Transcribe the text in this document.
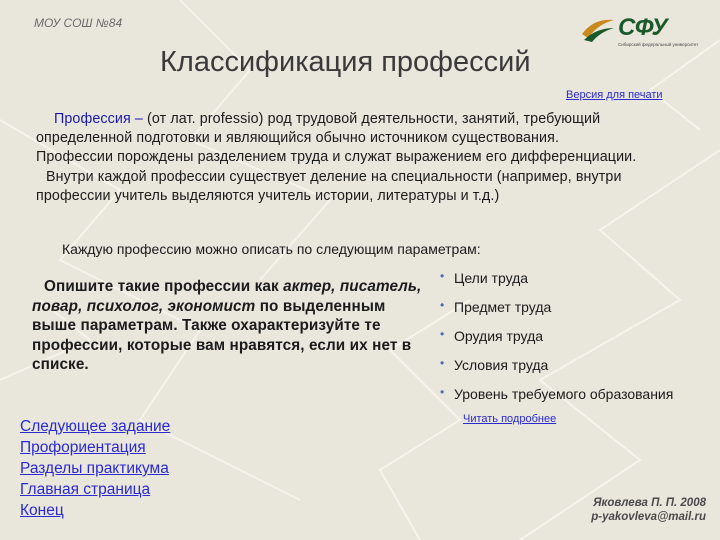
МОУ СОШ №84	СФУ
Сибирский федеральный университет
Классификация профессий
Версия для печати

Профессия – (от лат. professio) род трудовой деятельности, занятий, требующий определенной подготовки и являющийся обычно источником существования.

Профессии порождены разделением труда и служат выражением его дифференциации.

Внутри каждой профессии существует деление на специальности (например, внутри профессии учитель выделяются учитель истории, литературы и т.д.)

Каждую профессию можно описать по следующим параметрам:
Опишите такие профессии как актер, писатель, повар, психолог, экономист по выделенным выше параметрам. Также охарактеризуйте те профессии, которые вам нравятся, если их нет в списке.
• Цели труда
• Предмет труда
• Орудия труда
• Условия труда
• Уровень требуемого образования
Читать подробнее
Следующее задание
Профориентация
Разделы практикума
Главная страница
Конец	Яковлева П. П. 2008
p-yakovleva@mail.ru
